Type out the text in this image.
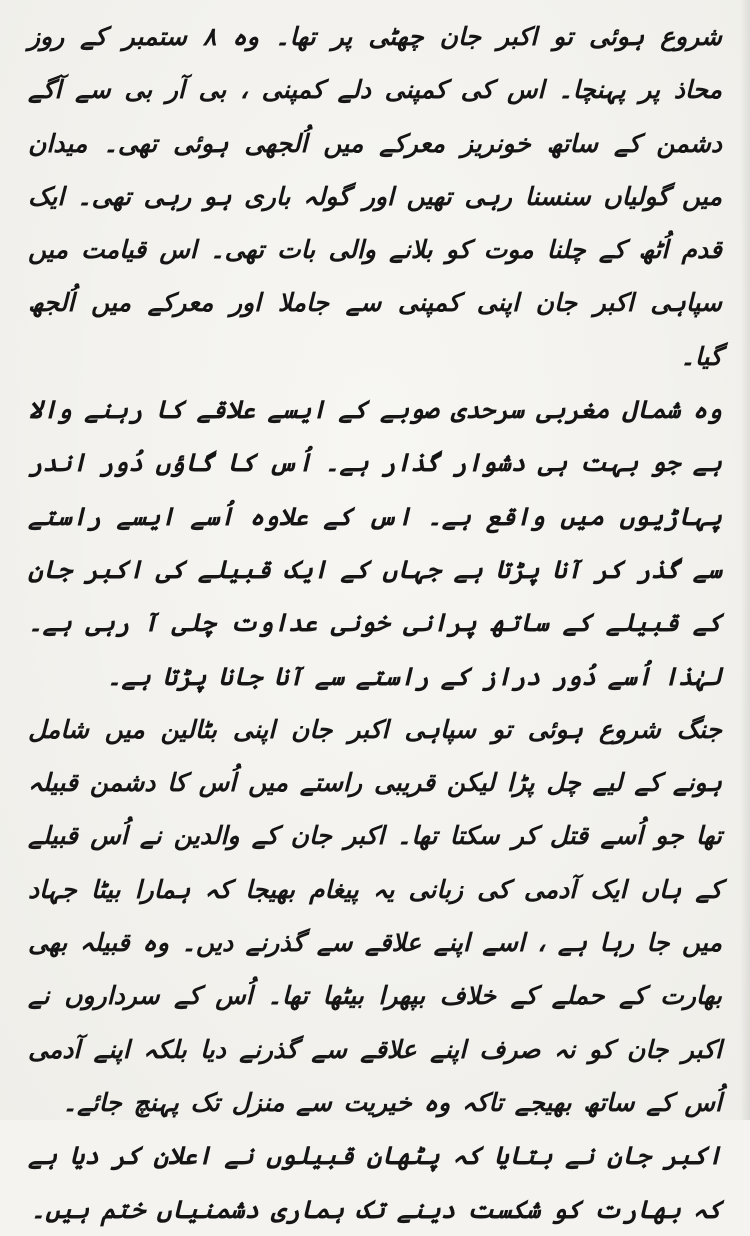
شروع ہوئی تو اکبر جان چھٹی پر تھا۔ وہ ۸ ستمبر کے روز محاذ پر پہنچا۔ اس کی کمپنی دلے کمپنی ، بی آر بی سے آگے دشمن کے ساتھ خونریز معرکے میں اُلجھی ہوئی تھی۔ میدان میں گولیاں سنسنا رہی تھیں اور گولہ باری ہو رہی تھی۔ ایک قدم اُٹھ کے چلنا موت کو بلانے والی بات تھی۔ اس قیامت میں سپاہی اکبر جان اپنی کمپنی سے جاملا اور معرکے میں اُلجھ گیا۔

وہ شمال مغربی سرحدی صوبے کے ایسے علاقے کا رہنے والا ہے جو بہت ہی دشوار گذار ہے۔ اُس کا گاؤں دُور اندر پہاڑیوں میں واقع ہے۔ اس کے علاوہ اُسے ایسے راستے سے گذر کر آنا پڑتا ہے جہاں کے ایک قبیلے کی اکبر جان کے قبیلے کے ساتھ پرانی خونی عداوت چلی آ رہی ہے۔ لہٰذا اُسے دُور دراز کے راستے سے آنا جانا پڑتا ہے۔

جنگ شروع ہوئی تو سپاہی اکبر جان اپنی بٹالین میں شامل ہونے کے لیے چل پڑا لیکن قریبی راستے میں اُس کا دشمن قبیلہ تھا جو اُسے قتل کر سکتا تھا۔ اکبر جان کے والدین نے اُس قبیلے کے ہاں ایک آدمی کی زبانی یہ پیغام بھیجا کہ ہمارا بیٹا جہاد میں جا رہا ہے ، اسے اپنے علاقے سے گذرنے دیں۔ وہ قبیلہ بھی بھارت کے حملے کے خلاف بپھرا بیٹھا تھا۔ اُس کے سرداروں نے اکبر جان کو نہ صرف اپنے علاقے سے گذرنے دیا بلکہ اپنے آدمی اُس کے ساتھ بھیجے تاکہ وہ خیریت سے منزل تک پہنچ جائے۔

اکبر جان نے بتایا کہ پٹھان قبیلوں نے اعلان کر دیا ہے کہ بھارت کو شکست دینے تک ہماری دشمنیاں ختم ہیں۔
